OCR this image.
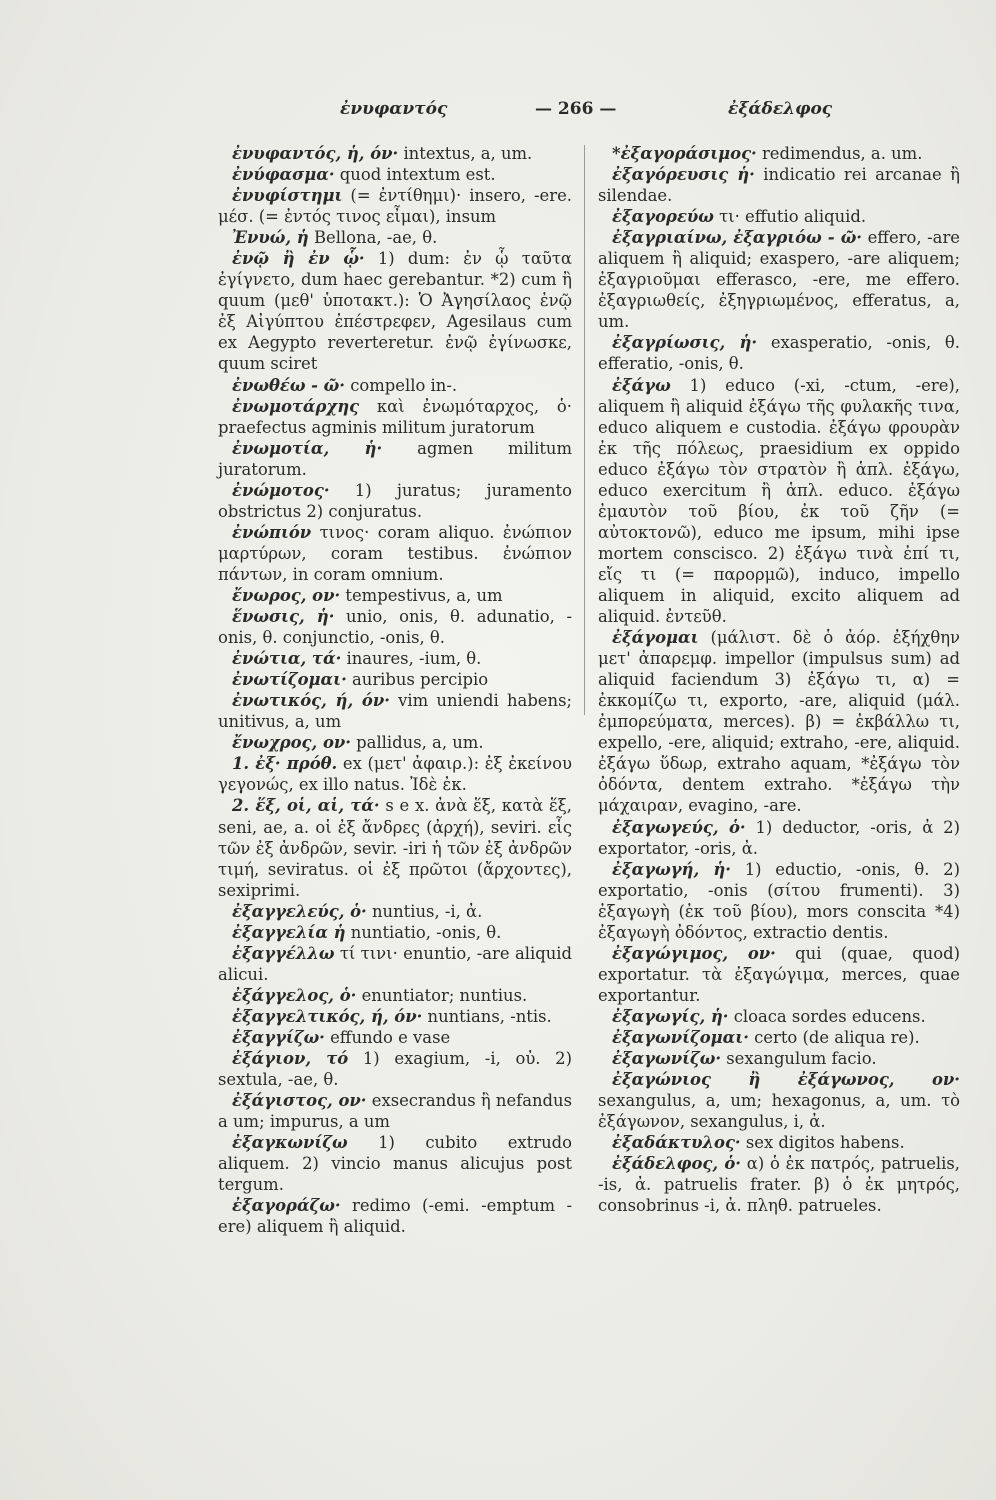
ἐνυφαντός	— 266 —	ἐξάδελφος

ἐνυφαντός, ἡ, όν· intextus, a, um.

ἐνύφασμα· quod intextum est.

ἐνυφίστημι (= ἐντίθημι)· insero, -ere. μέσ. (= ἐντός τινος εἶμαι), insum

Ἐνυώ, ἡ Bellona, -ae, θ.

ἐνῷ ἢ ἐν ᾧ· 1) dum: ἐν ᾧ ταῦτα ἐγίγνετο, dum haec gerebantur. *2) cum ἢ quum (μεθ' ὑποτακτ.): Ὁ Ἀγησίλαος ἐνῷ ἐξ Αἰγύπτου ἐπέστρεφεν, Agesilaus cum ex Aegypto reverteretur. ἐνῷ ἐγίνωσκε, quum sciret

ἐνωθέω - ῶ· compello in-.

ἐνωμοτάρχης καὶ ἐνωμόταρχος, ὁ· praefectus agminis militum juratorum

ἐνωμοτία, ἡ· agmen militum juratorum.

ἐνώμοτος· 1) juratus; juramento obstrictus 2) conjuratus.

ἐνώπιόν τινος· coram aliquo. ἐνώπιον μαρτύρων, coram testibus. ἐνώπιον πάντων, in coram omnium.

ἔνωρος, ον· tempestivus, a, um

ἕνωσις, ἡ· unio, onis, θ. adunatio, -onis, θ. conjunctio, -onis, θ.

ἐνώτια, τά· inaures, -ium, θ.

ἐνωτίζομαι· auribus percipio

ἐνωτικός, ή, όν· vim uniendi habens; unitivus, a, um

ἔνωχρος, ον· pallidus, a, um.

1. ἐξ· πρόθ. ex (μετ' ἀφαιρ.): ἐξ ἐκείνου γεγονώς, ex illo natus. Ἰδὲ ἐκ.

2. ἕξ, οἱ, αἱ, τά· s e x. ἀνὰ ἕξ, κατὰ ἕξ, seni, ae, a. οἱ ἐξ ἄνδρες (ἀρχή), seviri. εἷς τῶν ἐξ ἀνδρῶν, sevir. -iri ἡ τῶν ἐξ ἀνδρῶν τιμή, seviratus. οἱ ἐξ πρῶτοι (ἄρχοντες), sexiprimi.

ἐξαγγελεύς, ὁ· nuntius, -i, ἀ.

ἐξαγγελία ἡ nuntiatio, -onis, θ.

ἐξαγγέλλω τί τινι· enuntio, -are aliquid alicui.

ἐξάγγελος, ὁ· enuntiator; nuntius.

ἐξαγγελτικός, ή, όν· nuntians, -ntis.

ἐξαγγίζω· effundo e vase

ἐξάγιον, τό 1) exagium, -i, οὐ. 2) sextula, -ae, θ.

ἐξάγιστος, ον· exsecrandus ἢ nefandus a um; impurus, a um

ἐξαγκωνίζω 1) cubito extrudo aliquem. 2) vincio manus alicujus post tergum.

ἐξαγοράζω· redimo (-emi. -emptum -ere) aliquem ἢ aliquid.

*ἐξαγοράσιμος· redimendus, a. um.

ἐξαγόρευσις ἡ· indicatio rei arcanae ἢ silendae.

ἐξαγορεύω τι· effutio aliquid.

ἐξαγριαίνω, ἐξαγριόω - ῶ· effero, -are aliquem ἢ aliquid; exaspero, -are aliquem; ἐξαγριοῦμαι efferasco, -ere, me effero. ἐξαγριωθείς, ἐξηγριωμένος, efferatus, a, um.

ἐξαγρίωσις, ἡ· exasperatio, -onis, θ. efferatio, -onis, θ.

ἐξάγω 1) educo (-xi, -ctum, -ere), aliquem ἢ aliquid ἐξάγω τῆς φυλακῆς τινα, educo aliquem e custodia. ἐξάγω φρουρὰν ἐκ τῆς πόλεως, praesidium ex oppido educo ἐξάγω τὸν στρατὸν ἢ ἁπλ. ἐξάγω, educo exercitum ἢ ἁπλ. educo. ἐξάγω ἐμαυτὸν τοῦ βίου, ἐκ τοῦ ζῆν (= αὐτοκτονῶ), educo me ipsum, mihi ipse mortem conscisco. 2) ἐξάγω τινὰ ἐπί τι, εἴς τι (= παρορμῶ), induco, impello aliquem in aliquid, excito aliquem ad aliquid. ἐντεῦθ.

ἐξάγομαι (μάλιστ. δὲ ὁ ἀόρ. ἐξήχθην μετ' ἀπαρεμφ. impellor (impulsus sum) ad aliquid faciendum 3) ἐξάγω τι, α) = ἐκκομίζω τι, exporto, -are, aliquid (μάλ. ἐμπορεύματα, merces). β) = ἐκβάλλω τι, expello, -ere, aliquid; extraho, -ere, aliquid. ἐξάγω ὕδωρ, extraho aquam, *ἐξάγω τὸν ὀδόντα, dentem extraho. *ἐξάγω τὴν μάχαιραν, evagino, -are.

ἐξαγωγεύς, ὁ· 1) deductor, -oris, ἀ 2) exportator, -oris, ἀ.

ἐξαγωγή, ἡ· 1) eductio, -onis, θ. 2) exportatio, -onis (σίτου frumenti). 3) ἐξαγωγὴ (ἐκ τοῦ βίου), mors conscita *4) ἐξαγωγὴ ὀδόντος, extractio dentis.

ἐξαγώγιμος, ον· qui (quae, quod) exportatur. τὰ ἐξαγώγιμα, merces, quae exportantur.

ἐξαγωγίς, ἡ· cloaca sordes educens.

ἐξαγωνίζομαι· certo (de aliqua re).

ἐξαγωνίζω· sexangulum facio.

ἐξαγώνιος ἢ ἐξάγωνος, ον· sexangulus, a, um; hexagonus, a, um. τὸ ἐξάγωνον, sexangulus, i, ἀ.

ἐξαδάκτυλος· sex digitos habens.

ἐξάδελφος, ὁ· α) ὁ ἐκ πατρός, patruelis, -is, ἀ. patruelis frater. β) ὁ ἐκ μητρός, consobrinus -i, ἀ. πληθ. patrueles.
